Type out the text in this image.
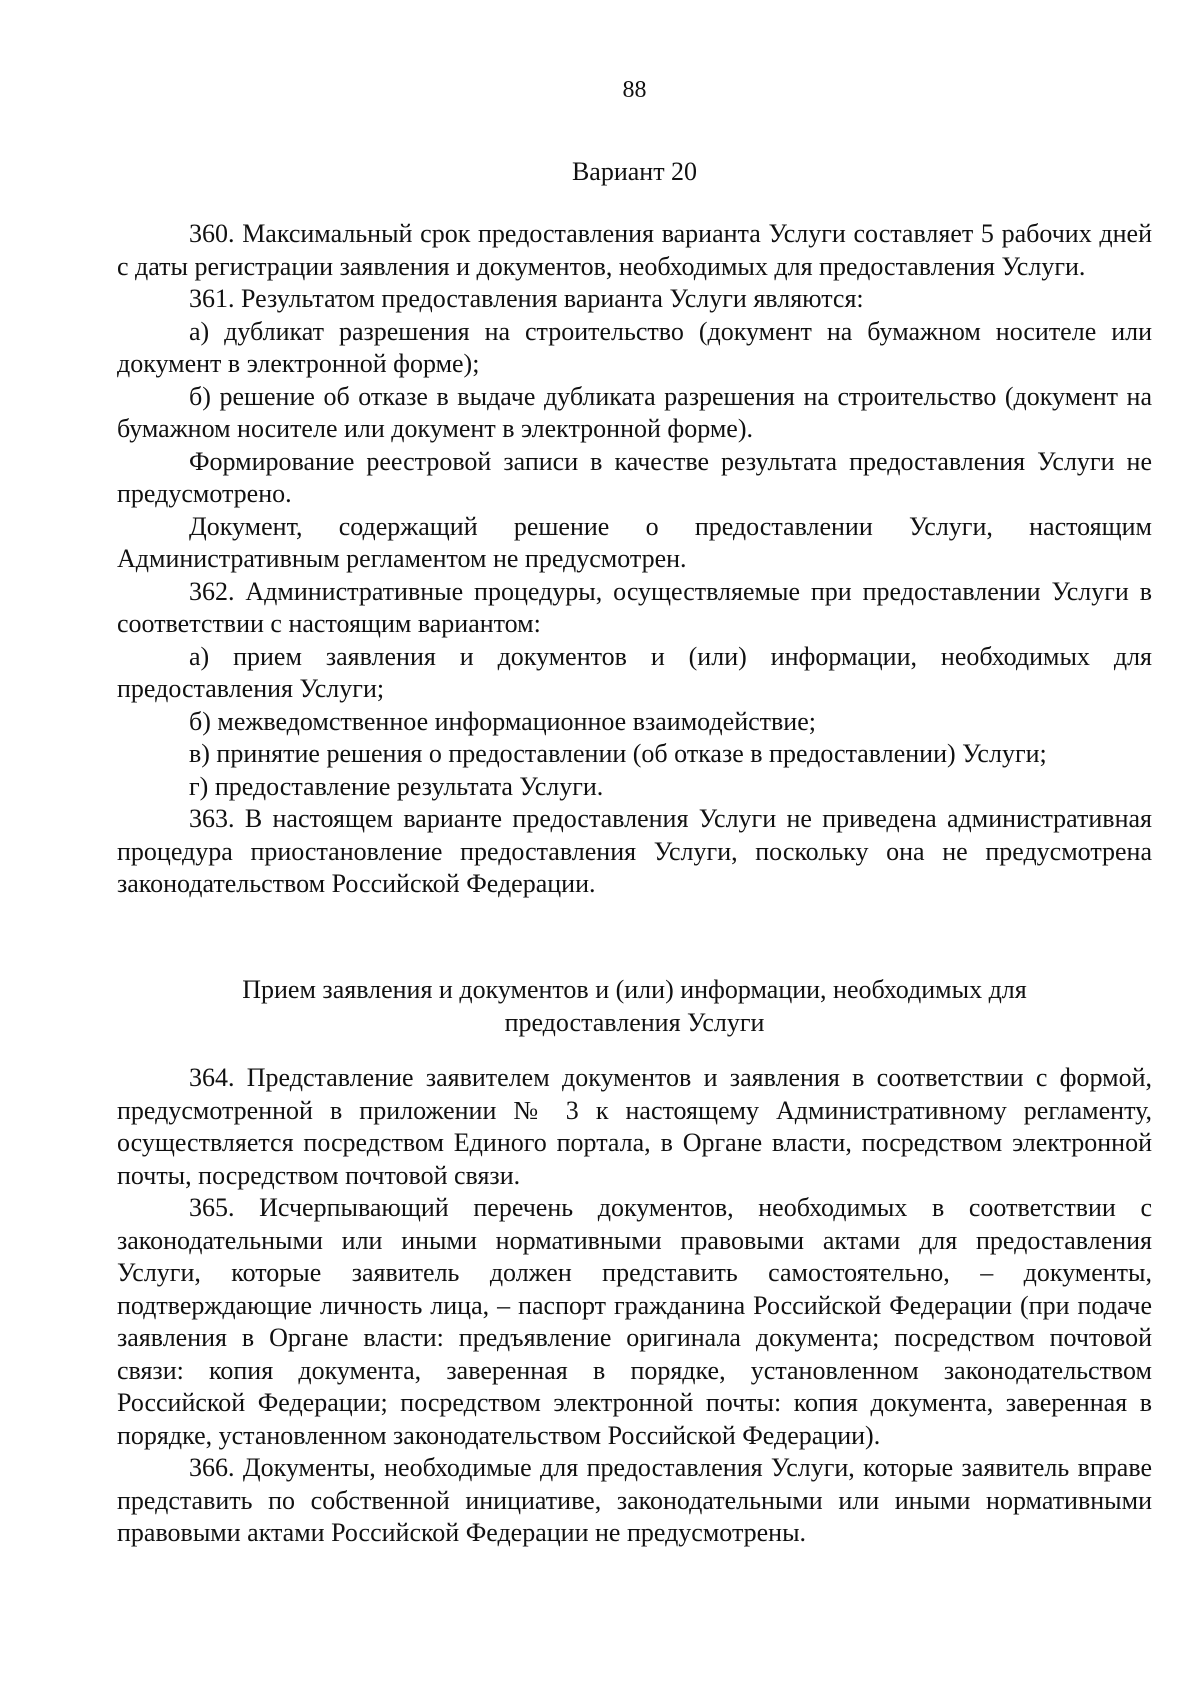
88
Вариант 20

360. Максимальный срок предоставления варианта Услуги составляет 5 рабочих дней с даты регистрации заявления и документов, необходимых для предоставления Услуги.

361. Результатом предоставления варианта Услуги являются:

а) дубликат разрешения на строительство (документ на бумажном носителе или документ в электронной форме);

б) решение об отказе в выдаче дубликата разрешения на строительство (документ на бумажном носителе или документ в электронной форме).

Формирование реестровой записи в качестве результата предоставления Услуги не предусмотрено.

Документ, содержащий решение о предоставлении Услуги, настоящим Административным регламентом не предусмотрен.

362. Административные процедуры, осуществляемые при предоставлении Услуги в соответствии с настоящим вариантом:

а) прием заявления и документов и (или) информации, необходимых для предоставления Услуги;

б) межведомственное информационное взаимодействие;

в) принятие решения о предоставлении (об отказе в предоставлении) Услуги;

г) предоставление результата Услуги.

363. В настоящем варианте предоставления Услуги не приведена административная процедура приостановление предоставления Услуги, поскольку она не предусмотрена законодательством Российской Федерации.

Прием заявления и документов и (или) информации, необходимых для

предоставления Услуги

364. Представление заявителем документов и заявления в соответствии с формой, предусмотренной в приложении № 3 к настоящему Административному регламенту, осуществляется посредством Единого портала, в Органе власти, посредством электронной почты, посредством почтовой связи.

365. Исчерпывающий перечень документов, необходимых в соответствии с законодательными или иными нормативными правовыми актами для предоставления Услуги, которые заявитель должен представить самостоятельно, – документы, подтверждающие личность лица, – паспорт гражданина Российской Федерации (при подаче заявления в Органе власти: предъявление оригинала документа; посредством почтовой связи: копия документа, заверенная в порядке, установленном законодательством Российской Федерации; посредством электронной почты: копия документа, заверенная в порядке, установленном законодательством Российской Федерации).

366. Документы, необходимые для предоставления Услуги, которые заявитель вправе представить по собственной инициативе, законодательными или иными нормативными правовыми актами Российской Федерации не предусмотрены.
